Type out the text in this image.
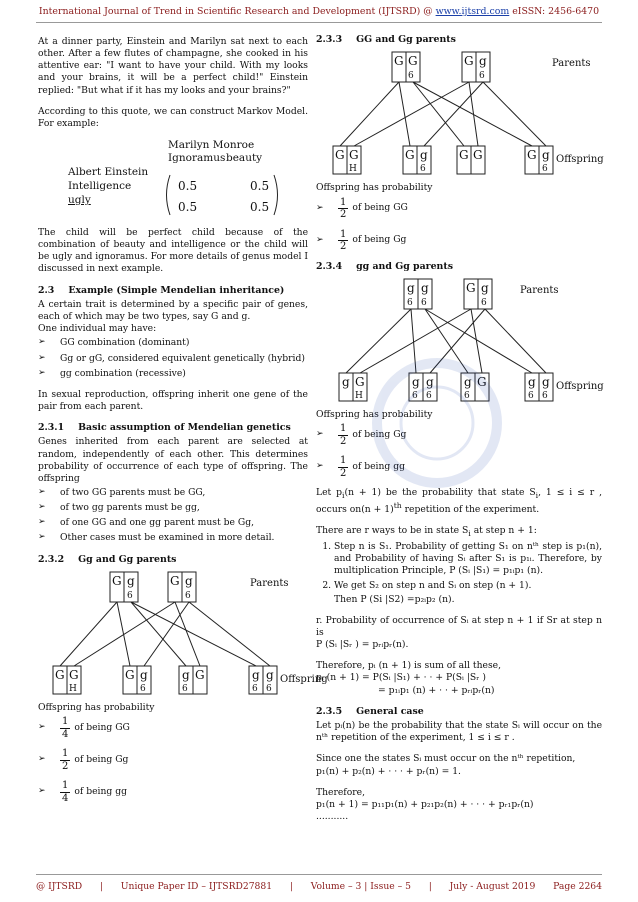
International Journal of Trend in Scientific Research and Development (IJTSRD) @ www.ijtsrd.com eISSN: 2456-6470

At a dinner party, Einstein and Marilyn sat next to each other. After a few flutes of champagne, she cooked in his attentive ear: "I want to have your child. With my looks and your brains, it will be a perfect child!" Einstein replied: "But what if it has my looks and your brains?"

According to this quote, we can construct Markov Model. For example:

Marilyn Monroe
Ignoramus beauty
Albert Einstein
Intelligence
ugly
0.5	0.5
0.5	0.5

The child will be perfect child because of the combination of beauty and intelligence or the child will be ugly and ignoramus. For more details of genus model I discussed in next example.

2.3 Example (Simple Mendelian inheritance)

A certain trait is determined by a specific pair of genes, each of which may be two types, say G and g.

One individual may have:

➢ GG combination (dominant)
➢ Gg or gG, considered equivalent genetically (hybrid)
➢ gg combination (recessive)

In sexual reproduction, offspring inherit one gene of the pair from each parent.

2.3.1 Basic assumption of Mendelian genetics

Genes inherited from each parent are selected at random, independently of each other. This determines probability of occurrence of each type of offspring. The offspring

➢ of two GG parents must be GG,
➢ of two gg parents must be gg,
➢ of one GG and one gg parent must be Gg,
➢ Other cases must be examined in more detail.
2.3.2 Gg and Gg parents
G g
6
G g
6
Parents
G G
H
G g
6
g G
6
g g
6 6
Offspring

Offspring has probability

➢	$\frac{1}{4}$ of being GG
➢	$\frac{1}{2}$ of being Gg
➢	$\frac{1}{4}$ of being gg
2.3.3 GG and Gg parents
G G
6
G g
6
Parents
G G
H
G g
6
G G	G g
6
Offspring

Offspring has probability

➢	$\frac{1}{2}$ of being GG
➢	$\frac{1}{2}$ of being Gg
2.3.4 gg and Gg parents
g g
6 6
G g
6
Parents
g G
H
g g
6 6
g G
6
g g
6 6
Offspring

Offspring has probability

➢	$\frac{1}{2}$ of being Gg
➢	$\frac{1}{2}$ of being gg

Let $p_i(n + 1)$ be the probability that state $S_i$, 1 ≤ i ≤ r , occurs $on(n + 1)^{th}$ repetition of the experiment.

There are r ways to be in state $S_i$ at step n + 1:

1. Step n is S₁. Probability of getting S₁ on nᵗʰ step is p₁(n), and Probability of having Sᵢ after S₁ is p₁ᵢ. Therefore, by multiplication Principle, P (Sᵢ |S₁) = p₁ᵢp₁ (n).
2. We get S₂ on step n and Sᵢ on step (n + 1).

Then P (Si |S2) =p₂ᵢp₂ (n).

r. Probability of occurrence of Sᵢ at step n + 1 if Sr at step n is

P (Sᵢ |Sᵣ ) = pᵣᵢpᵣ(n).

Therefore, pᵢ (n + 1) is sum of all these,

pᵢ (n + 1) = P(Sᵢ |S₁) + · · + P(Sᵢ |Sᵣ )

= p₁ᵢp₁ (n) + · · + pᵣᵢpᵣ(n)

2.3.5 General case

Let pᵢ(n) be the probability that the state Sᵢ will occur on the nᵗʰ repetition of the experiment, 1 ≤ i ≤ r .

Since one the states Sᵢ must occur on the nᵗʰ repetition,

p₁(n) + p₂(n) + · · · + pᵣ(n) = 1.

Therefore,

p₁(n + 1) = p₁₁p₁(n) + p₂₁p₂(n) + · · · + pᵣ₁pᵣ(n)

...........

@ IJTSRD | Unique Paper ID – IJTSRD27881 | Volume – 3 | Issue – 5 | July - August 2019 Page 2264
